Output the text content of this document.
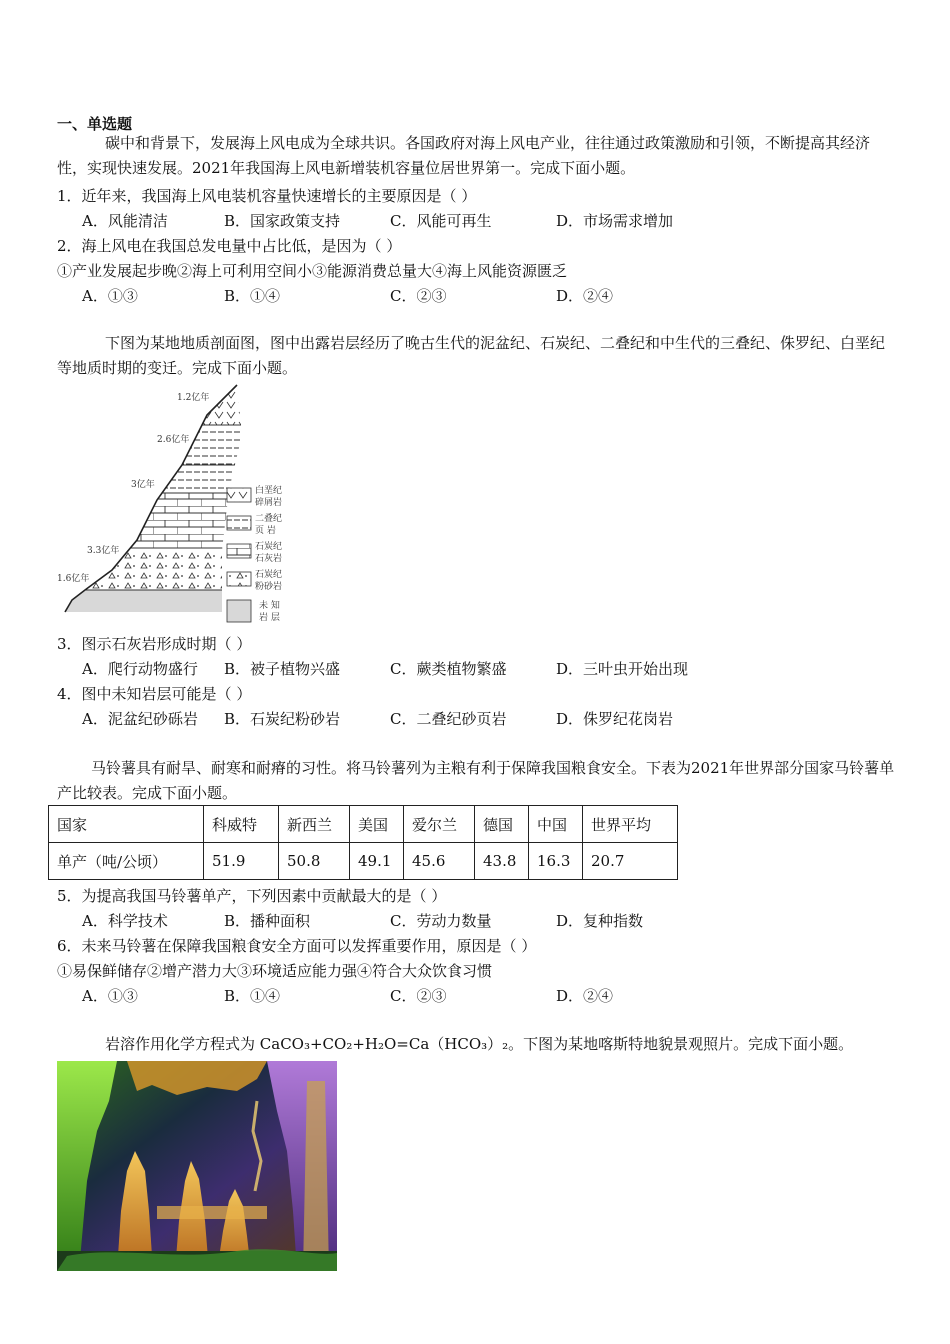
一、单选题
碳中和背景下，发展海上风电成为全球共识。各国政府对海上风电产业，往往通过政策激励和引领，不断提高其经济性，实现快速发展。2021年我国海上风电新增装机容量位居世界第一。完成下面小题。
1．近年来，我国海上风电装机容量快速增长的主要原因是（ ）
A．风能清洁	B．国家政策支持	C．风能可再生	D．市场需求增加
2．海上风电在我国总发电量中占比低，是因为（ ）
①产业发展起步晚②海上可利用空间小③能源消费总量大④海上风能资源匮乏
A．①③	B．①④	C．②③	D．②④
下图为某地地质剖面图，图中出露岩层经历了晚古生代的泥盆纪、石炭纪、二叠纪和中生代的三叠纪、侏罗纪、白垩纪等地质时期的变迁。完成下面小题。
1.2亿年
2.6亿年
3亿年
3.3亿年
1.6亿年
白垩纪
碎屑岩
二叠纪
页 岩
石炭纪
石灰岩
石炭纪
粉砂岩
未 知
岩 层
3．图示石灰岩形成时期（ ）
A．爬行动物盛行 B．被子植物兴盛	C．蕨类植物繁盛	D．三叶虫开始出现
4．图中未知岩层可能是（ ）
A．泥盆纪砂砾岩 B．石炭纪粉砂岩	C．二叠纪砂页岩	D．侏罗纪花岗岩
马铃薯具有耐旱、耐寒和耐瘠的习性。将马铃薯列为主粮有利于保障我国粮食安全。下表为2021年世界部分国家马铃薯单产比较表。完成下面小题。
国家	科威特	新西兰	美国	爱尔兰	德国	中国	世界平均
单产（吨/公顷）	51.9	50.8	49.1	45.6	43.8	16.3	20.7
5．为提高我国马铃薯单产，下列因素中贡献最大的是（ ）
A．科学技术	B．播种面积	C．劳动力数量	D．复种指数
6．未来马铃薯在保障我国粮食安全方面可以发挥重要作用，原因是（ ）
①易保鲜储存②增产潜力大③环境适应能力强④符合大众饮食习惯
A．①③	B．①④	C．②③	D．②④
岩溶作用化学方程式为 CaCO₃+CO₂+H₂O=Ca（HCO₃）₂。下图为某地喀斯特地貌景观照片。完成下面小题。
